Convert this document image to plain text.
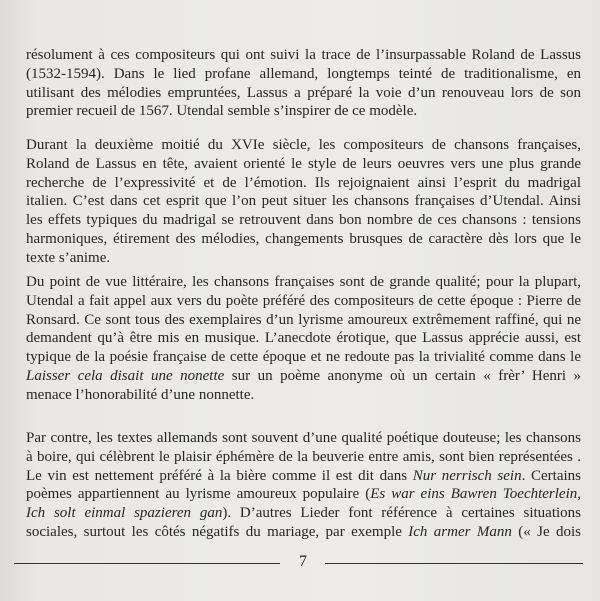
résolument à ces compositeurs qui ont suivi la trace de l’insurpassable Roland de Lassus
(1532-1594). Dans le lied profane allemand, longtemps teinté de traditionalisme, en
utilisant des mélodies empruntées, Lassus a préparé la voie d’un renouveau lors de son
premier recueil de 1567. Utendal semble s’inspirer de ce modèle.
Durant la deuxième moitié du XVIe siècle, les compositeurs de chansons françaises,
Roland de Lassus en tête, avaient orienté le style de leurs oeuvres vers une plus grande
recherche de l’expressivité et de l’émotion. Ils rejoignaient ainsi l’esprit du madrigal
italien. C’est dans cet esprit que l’on peut situer les chansons françaises d’Utendal. Ainsi
les effets typiques du madrigal se retrouvent dans bon nombre de ces chansons : tensions
harmoniques, étirement des mélodies, changements brusques de caractère dès lors que le
texte s’anime.
Du point de vue littéraire, les chansons françaises sont de grande qualité; pour la plupart,
Utendal a fait appel aux vers du poète préféré des compositeurs de cette époque : Pierre de
Ronsard. Ce sont tous des exemplaires d’un lyrisme amoureux extrêmement raffiné, qui ne
demandent qu’à être mis en musique. L’anecdote érotique, que Lassus apprécie aussi, est
typique de la poésie française de cette époque et ne redoute pas la trivialité comme dans le
Laisser cela disait une nonette sur un poème anonyme où un certain « frèr’ Henri »
menace l’honorabilité d’une nonnette.
Par contre, les textes allemands sont souvent d’une qualité poétique douteuse; les chansons
à boire, qui célèbrent le plaisir éphémère de la beuverie entre amis, sont bien représentées .
Le vin est nettement préféré à la bière comme il est dit dans Nur nerrisch sein. Certains
poèmes appartiennent au lyrisme amoureux populaire (Es war eins Bawren Toechterlein,
Ich solt einmal spazieren gan). D’autres Lieder font référence à certaines situations
sociales, surtout les côtés négatifs du mariage, par exemple Ich armer Mann (« Je dois
7
